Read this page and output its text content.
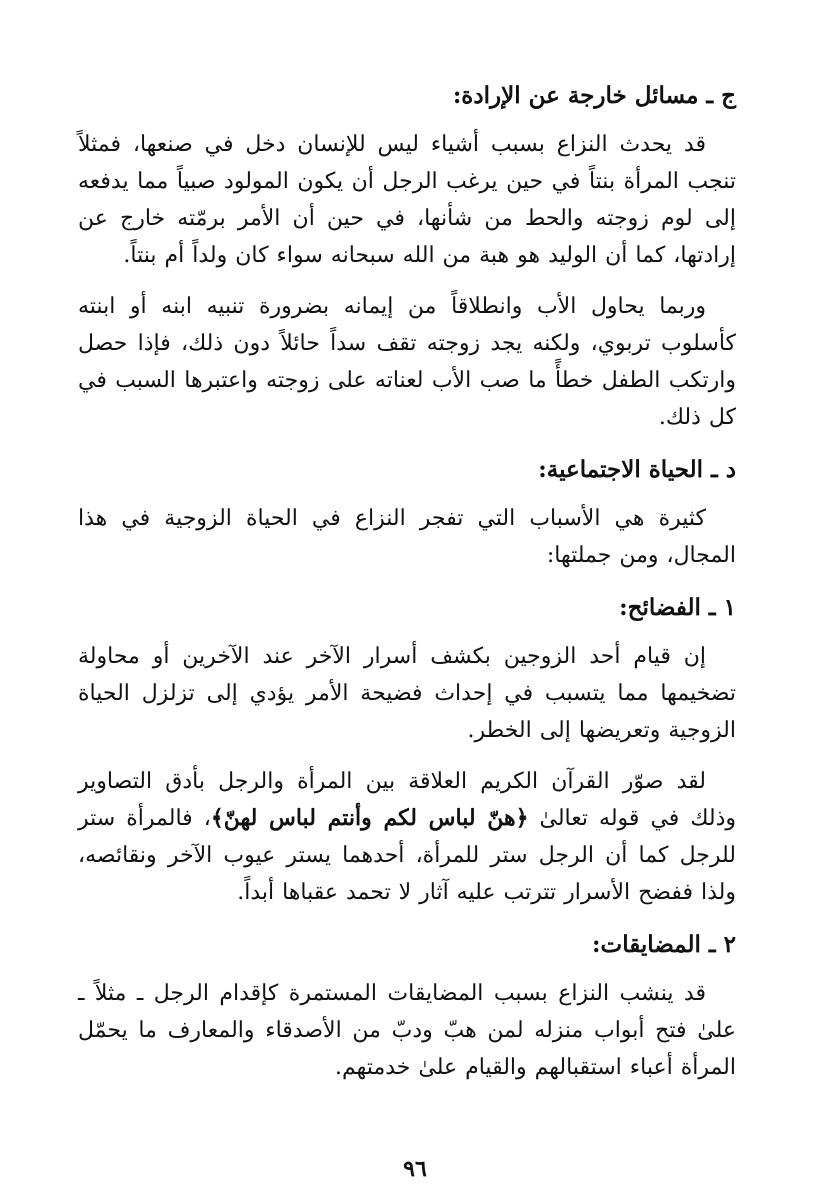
ج ـ مسائل خارجة عن الإرادة:

قد يحدث النزاع بسبب أشياء ليس للإنسان دخل في صنعها، فمثلاً تنجب المرأة بنتاً في حين يرغب الرجل أن يكون المولود صبياً مما يدفعه إلى لوم زوجته والحط من شأنها، في حين أن الأمر برمّته خارج عن إرادتها، كما أن الوليد هو هبة من الله سبحانه سواء كان ولداً أم بنتاً.

وربما يحاول الأب وانطلاقاً من إيمانه بضرورة تنبيه ابنه أو ابنته كأسلوب تربوي، ولكنه يجد زوجته تقف سداً حائلاً دون ذلك، فإذا حصل وارتكب الطفل خطأً ما صب الأب لعناته على زوجته واعتبرها السبب في كل ذلك.

د ـ الحياة الاجتماعية:

كثيرة هي الأسباب التي تفجر النزاع في الحياة الزوجية في هذا المجال، ومن جملتها:

١ ـ الفضائح:

إن قيام أحد الزوجين بكشف أسرار الآخر عند الآخرين أو محاولة تضخيمها مما يتسبب في إحداث فضيحة الأمر يؤدي إلى تزلزل الحياة الزوجية وتعريضها إلى الخطر.

لقد صوّر القرآن الكريم العلاقة بين المرأة والرجل بأدق التصاوير وذلك في قوله تعالىٰ ﴿هنّ لباس لكم وأنتم لباس لهنّ﴾، فالمرأة ستر للرجل كما أن الرجل ستر للمرأة، أحدهما يستر عيوب الآخر ونقائصه، ولذا ففضح الأسرار تترتب عليه آثار لا تحمد عقباها أبداً.

٢ ـ المضايقات:

قد ينشب النزاع بسبب المضايقات المستمرة كإقدام الرجل ـ مثلاً ـ علىٰ فتح أبواب منزله لمن هبّ ودبّ من الأصدقاء والمعارف ما يحمّل المرأة أعباء استقبالهم والقيام علىٰ خدمتهم.

٩٦
